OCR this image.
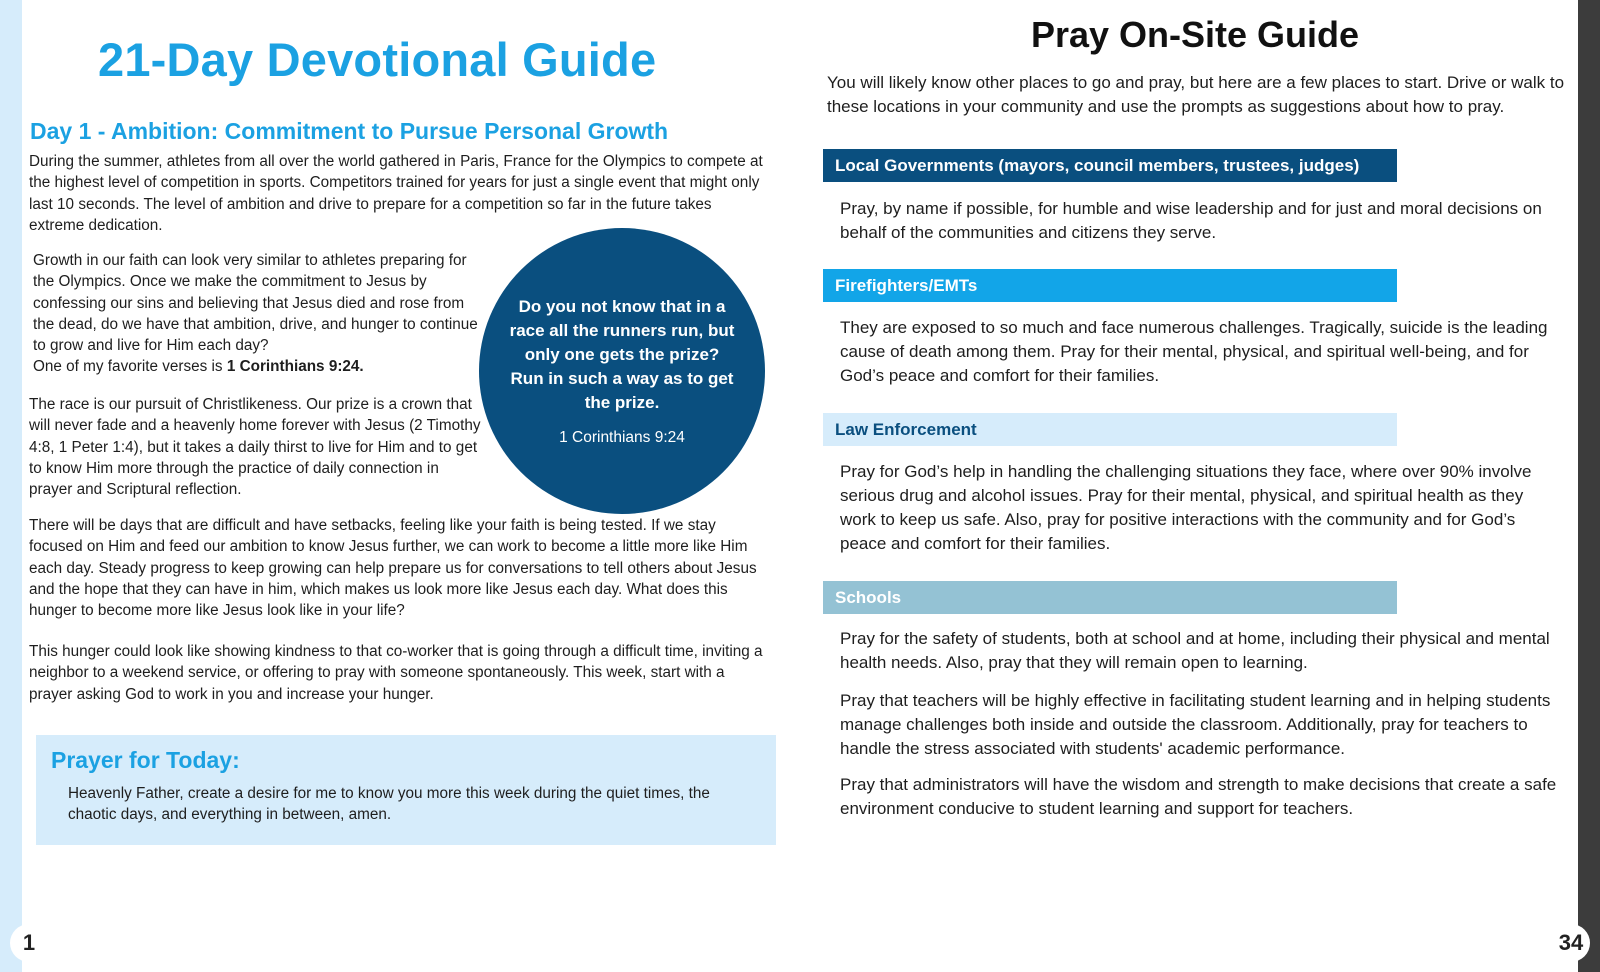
21-Day Devotional Guide
Day 1 - Ambition: Commitment to Pursue Personal Growth

During the summer, athletes from all over the world gathered in Paris, France for the Olympics to compete at the highest level of competition in sports. Competitors trained for years for just a single event that might only last 10 seconds. The level of ambition and drive to prepare for a competition so far in the future takes extreme dedication.

Growth in our faith can look very similar to athletes preparing for the Olympics. Once we make the commitment to Jesus by confessing our sins and believing that Jesus died and rose from the dead, do we have that ambition, drive, and hunger to continue to grow and live for Him each day?
One of my favorite verses is 1 Corinthians 9:24.

The race is our pursuit of Christlikeness. Our prize is a crown that will never fade and a heavenly home forever with Jesus (2 Timothy 4:8, 1 Peter 1:4), but it takes a daily thirst to live for Him and to get to know Him more through the practice of daily connection in prayer and Scriptural reflection.

Do you not know that in a race all the runners run, but only one gets the prize? Run in such a way as to get the prize.
1 Corinthians 9:24

There will be days that are difficult and have setbacks, feeling like your faith is being tested. If we stay focused on Him and feed our ambition to know Jesus further, we can work to become a little more like Him each day. Steady progress to keep growing can help prepare us for conversations to tell others about Jesus and the hope that they can have in him, which makes us look more like Jesus each day. What does this hunger to become more like Jesus look like in your life?

This hunger could look like showing kindness to that co-worker that is going through a difficult time, inviting a neighbor to a weekend service, or offering to pray with someone spontaneously. This week, start with a prayer asking God to work in you and increase your hunger.

Prayer for Today:

Heavenly Father, create a desire for me to know you more this week during the quiet times, the chaotic days, and everything in between, amen.

Pray On-Site Guide

You will likely know other places to go and pray, but here are a few places to start. Drive or walk to these locations in your community and use the prompts as suggestions about how to pray.

Local Governments (mayors, council members, trustees, judges)

Pray, by name if possible, for humble and wise leadership and for just and moral decisions on behalf of the communities and citizens they serve.

Firefighters/EMTs

They are exposed to so much and face numerous challenges. Tragically, suicide is the leading cause of death among them. Pray for their mental, physical, and spiritual well-being, and for God’s peace and comfort for their families.

Law Enforcement

Pray for God’s help in handling the challenging situations they face, where over 90% involve serious drug and alcohol issues. Pray for their mental, physical, and spiritual health as they work to keep us safe. Also, pray for positive interactions with the community and for God’s peace and comfort for their families.

Schools

Pray for the safety of students, both at school and at home, including their physical and mental health needs. Also, pray that they will remain open to learning.

Pray that teachers will be highly effective in facilitating student learning and in helping students manage challenges both inside and outside the classroom. Additionally, pray for teachers to handle the stress associated with students' academic performance.

Pray that administrators will have the wisdom and strength to make decisions that create a safe environment conducive to student learning and support for teachers.

1	34
